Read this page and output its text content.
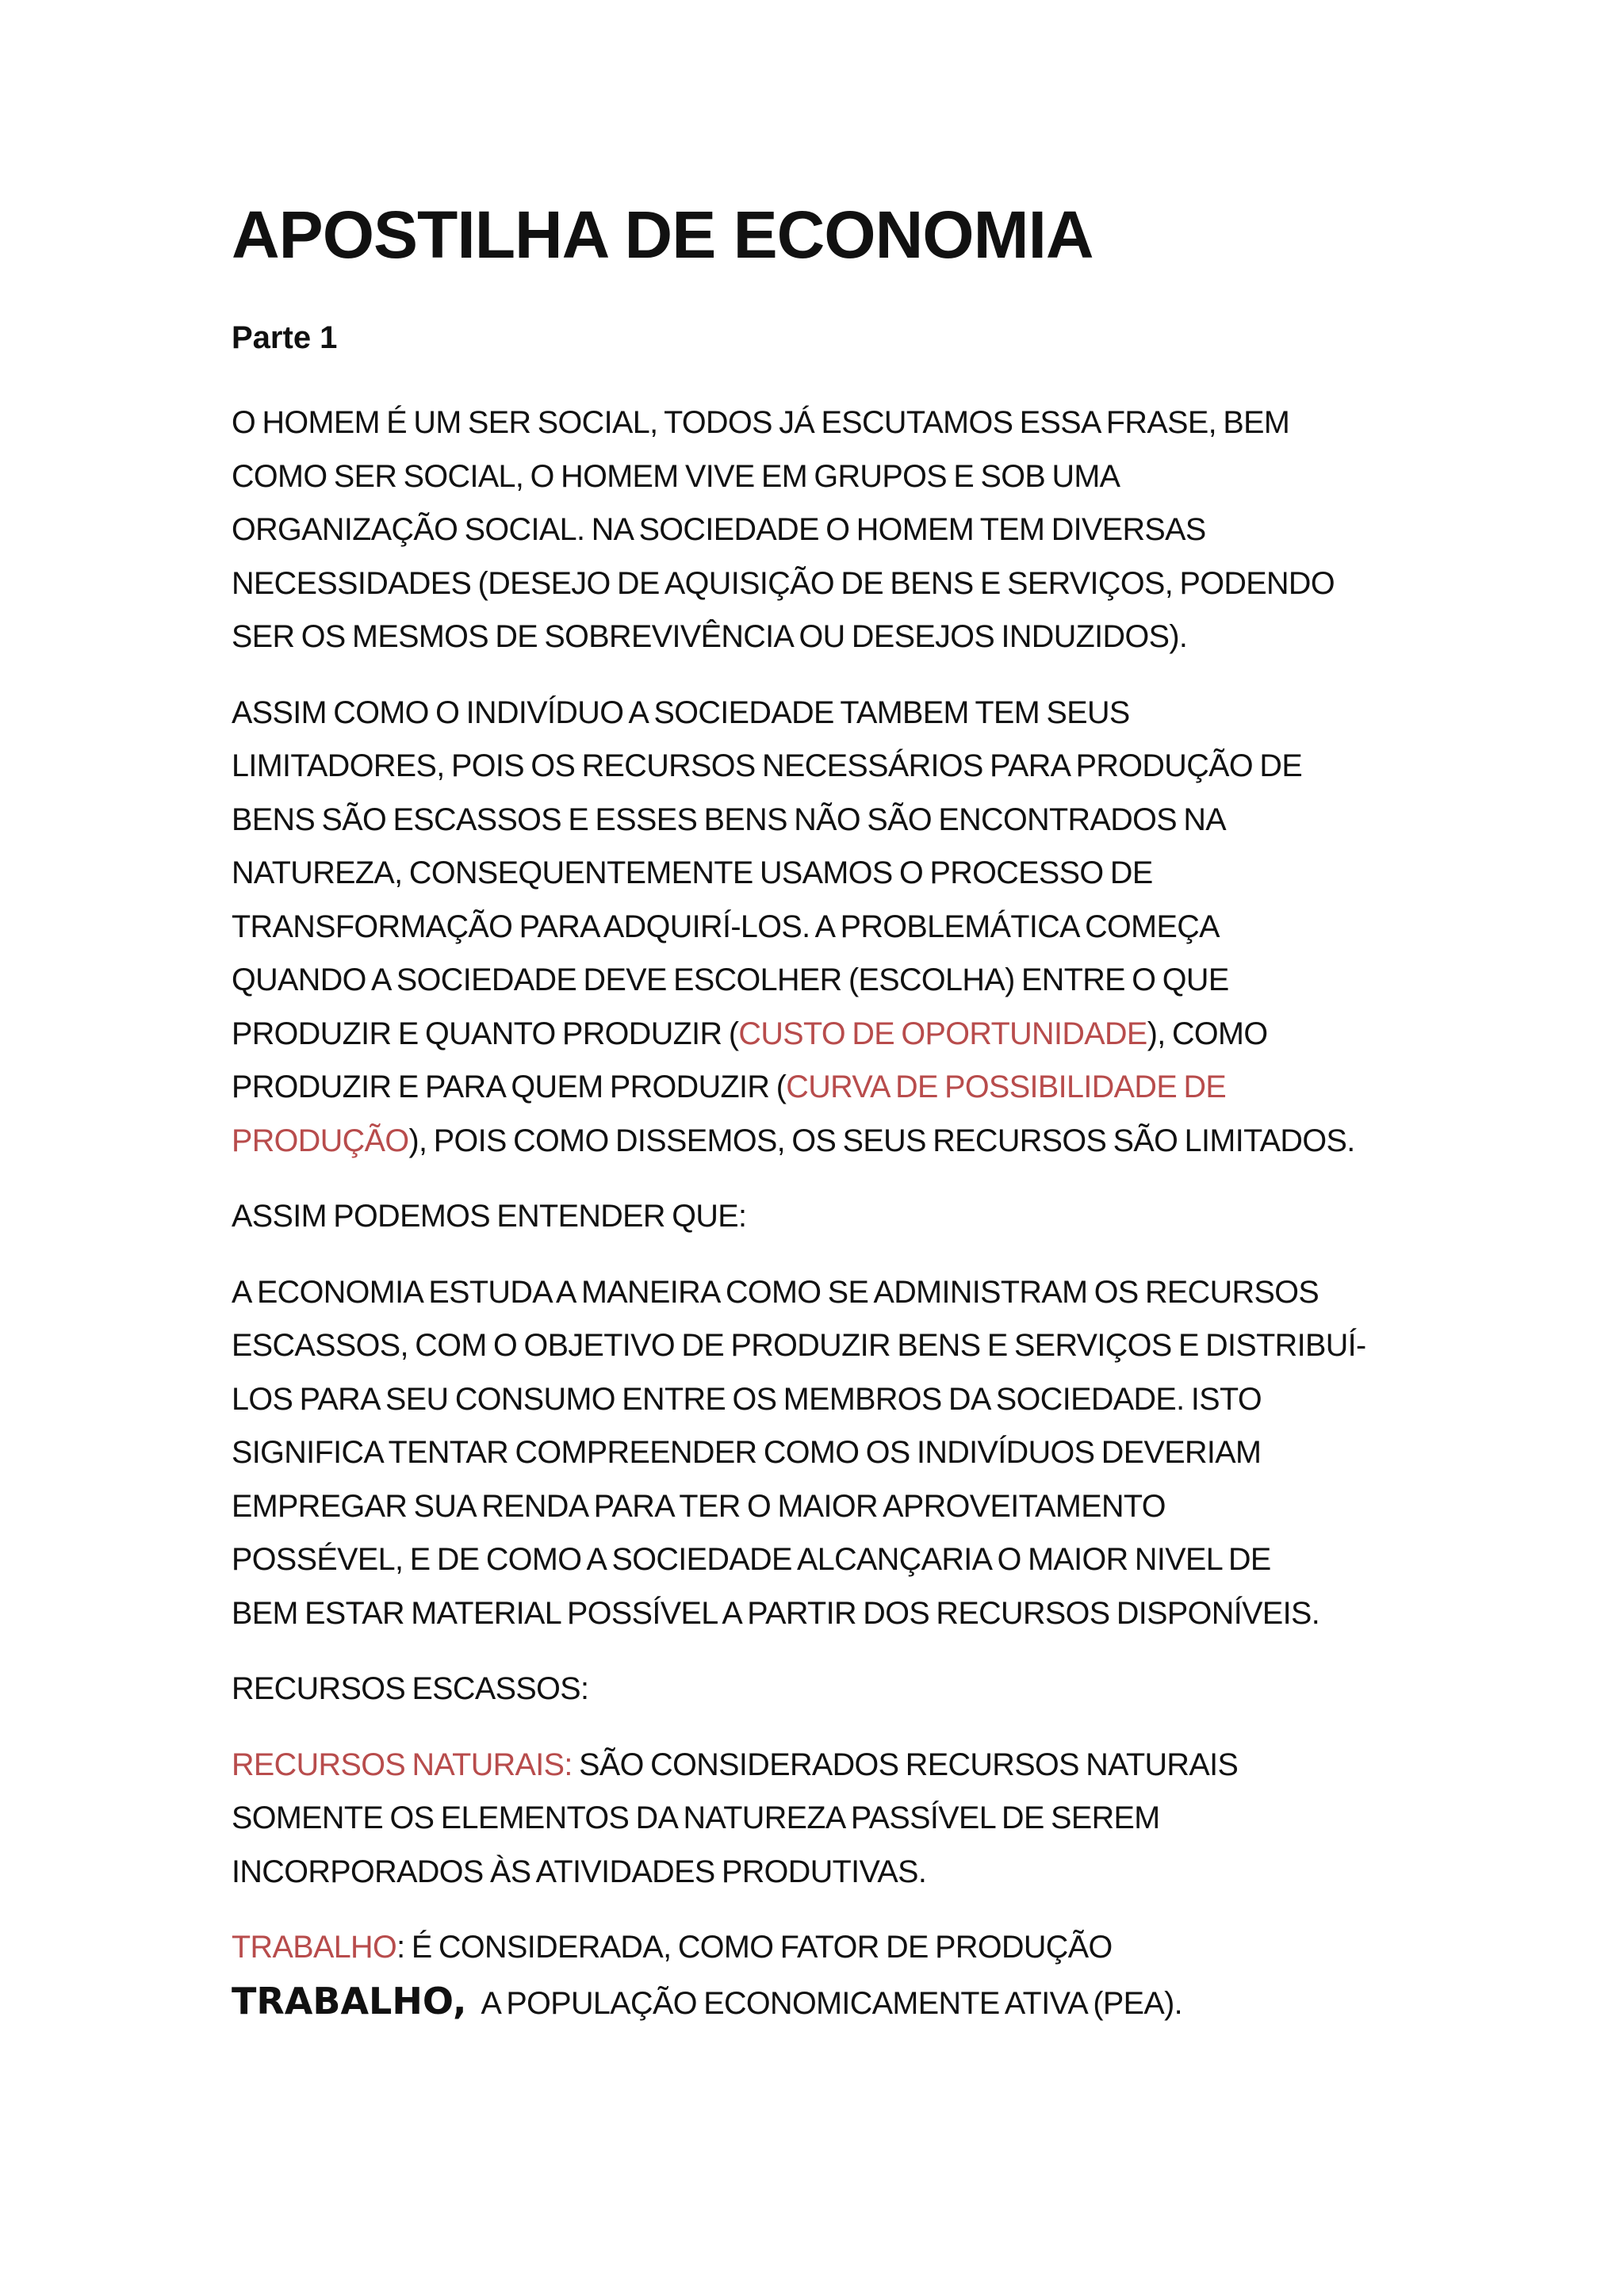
APOSTILHA DE ECONOMIA
Parte 1

O HOMEM É UM SER SOCIAL, TODOS JÁ ESCUTAMOS ESSA FRASE, BEM
COMO SER SOCIAL, O HOMEM VIVE EM GRUPOS E SOB UMA
ORGANIZAÇÃO SOCIAL. NA SOCIEDADE O HOMEM TEM DIVERSAS
NECESSIDADES (DESEJO DE AQUISIÇÃO DE BENS E SERVIÇOS, PODENDO
SER OS MESMOS DE SOBREVIVÊNCIA OU DESEJOS INDUZIDOS).

ASSIM COMO O INDIVÍDUO A SOCIEDADE TAMBEM TEM SEUS
LIMITADORES, POIS OS RECURSOS NECESSÁRIOS PARA PRODUÇÃO DE
BENS SÃO ESCASSOS E ESSES BENS NÃO SÃO ENCONTRADOS NA
NATUREZA, CONSEQUENTEMENTE USAMOS O PROCESSO DE
TRANSFORMAÇÃO PARA ADQUIRÍ-LOS. A PROBLEMÁTICA COMEÇA
QUANDO A SOCIEDADE DEVE ESCOLHER (ESCOLHA) ENTRE O QUE
PRODUZIR E QUANTO PRODUZIR (CUSTO DE OPORTUNIDADE), COMO
PRODUZIR E PARA QUEM PRODUZIR (CURVA DE POSSIBILIDADE DE
PRODUÇÃO), POIS COMO DISSEMOS, OS SEUS RECURSOS SÃO LIMITADOS.

ASSIM PODEMOS ENTENDER QUE:

A ECONOMIA ESTUDA A MANEIRA COMO SE ADMINISTRAM OS RECURSOS
ESCASSOS, COM O OBJETIVO DE PRODUZIR BENS E SERVIÇOS E DISTRIBUÍ-
LOS PARA SEU CONSUMO ENTRE OS MEMBROS DA SOCIEDADE. ISTO
SIGNIFICA TENTAR COMPREENDER COMO OS INDIVÍDUOS DEVERIAM
EMPREGAR SUA RENDA PARA TER O MAIOR APROVEITAMENTO
POSSÉVEL, E DE COMO A SOCIEDADE ALCANÇARIA O MAIOR NIVEL DE
BEM ESTAR MATERIAL POSSÍVEL A PARTIR DOS RECURSOS DISPONÍVEIS.

RECURSOS ESCASSOS:

RECURSOS NATURAIS: SÃO CONSIDERADOS RECURSOS NATURAIS
SOMENTE OS ELEMENTOS DA NATUREZA PASSÍVEL DE SEREM
INCORPORADOS ÀS ATIVIDADES PRODUTIVAS.

TRABALHO: É CONSIDERADA, COMO FATOR DE PRODUÇÃO
TRABALHO, A POPULAÇÃO ECONOMICAMENTE ATIVA (PEA).
